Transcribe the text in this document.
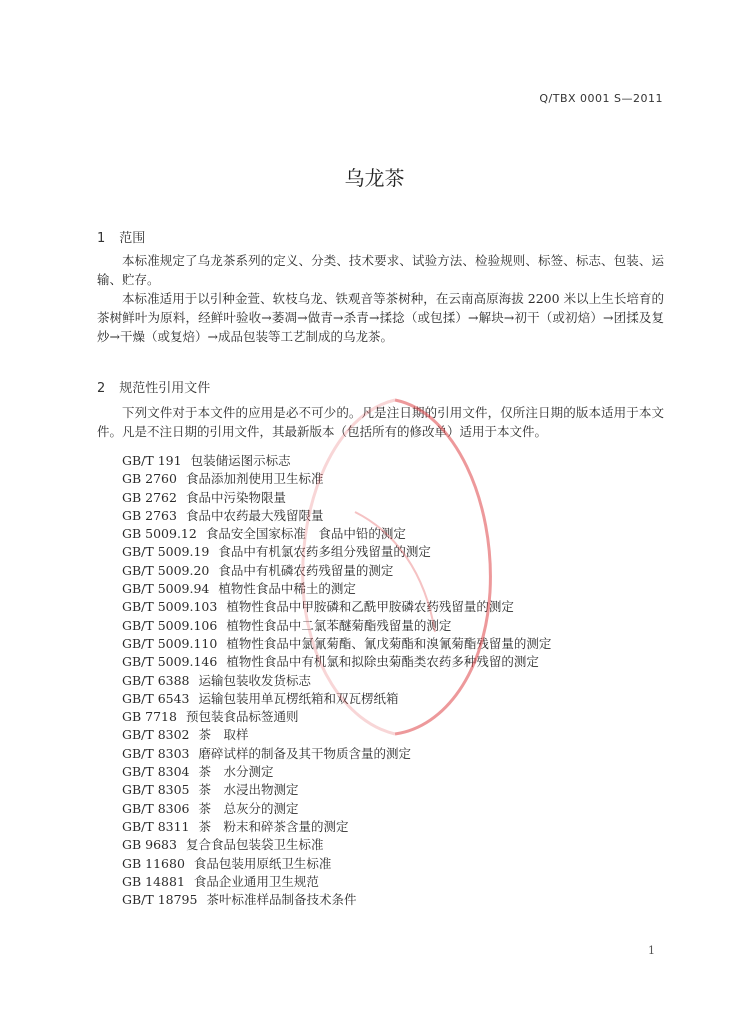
Q/TBX 0001 S—2011
乌龙茶
1 范围

本标准规定了乌龙茶系列的定义、分类、技术要求、试验方法、检验规则、标签、标志、包装、运输、贮存。

本标准适用于以引种金萱、软枝乌龙、铁观音等茶树种，在云南高原海拔 2200 米以上生长培育的茶树鲜叶为原料，经鲜叶验收→萎凋→做青→杀青→揉捻（或包揉）→解块→初干（或初焙）→团揉及复炒→干燥（或复焙）→成品包装等工艺制成的乌龙茶。

2 规范性引用文件

下列文件对于本文件的应用是必不可少的。凡是注日期的引用文件，仅所注日期的版本适用于本文件。凡是不注日期的引用文件，其最新版本（包括所有的修改单）适用于本文件。

GB/T 191 包装储运图示标志
GB 2760 食品添加剂使用卫生标准
GB 2762 食品中污染物限量
GB 2763 食品中农药最大残留限量
GB 5009.12 食品安全国家标准　食品中铅的测定
GB/T 5009.19 食品中有机氯农药多组分残留量的测定
GB/T 5009.20 食品中有机磷农药残留量的测定
GB/T 5009.94 植物性食品中稀土的测定
GB/T 5009.103 植物性食品中甲胺磷和乙酰甲胺磷农药残留量的测定
GB/T 5009.106 植物性食品中二氯苯醚菊酯残留量的测定
GB/T 5009.110 植物性食品中氯氰菊酯、氰戊菊酯和溴氰菊酯残留量的测定
GB/T 5009.146 植物性食品中有机氯和拟除虫菊酯类农药多种残留的测定
GB/T 6388 运输包装收发货标志
GB/T 6543 运输包装用单瓦楞纸箱和双瓦楞纸箱
GB 7718 预包装食品标签通则
GB/T 8302 茶　取样
GB/T 8303 磨碎试样的制备及其干物质含量的测定
GB/T 8304 茶　水分测定
GB/T 8305 茶　水浸出物测定
GB/T 8306 茶　总灰分的测定
GB/T 8311 茶　粉末和碎茶含量的测定
GB 9683 复合食品包装袋卫生标准
GB 11680 食品包装用原纸卫生标准
GB 14881 食品企业通用卫生规范
GB/T 18795 茶叶标准样品制备技术条件
1
